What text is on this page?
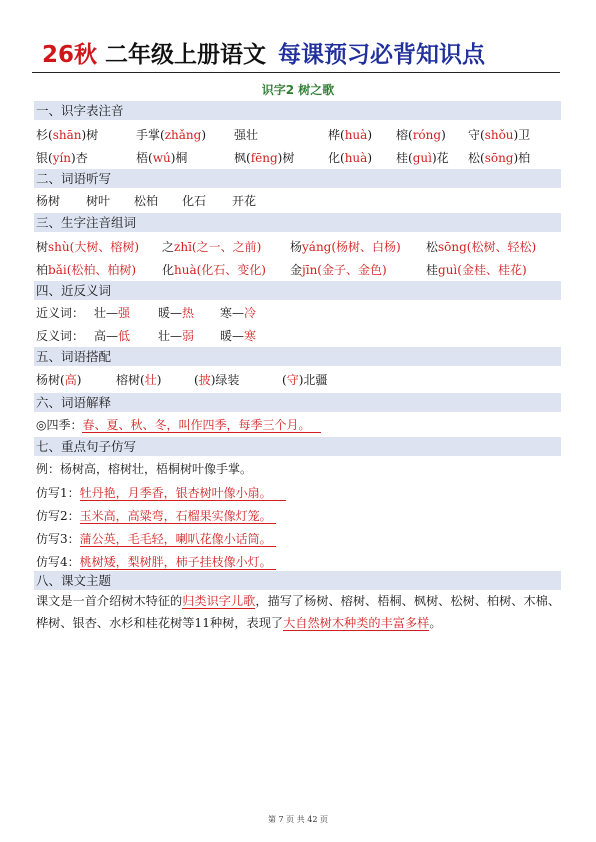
26秋 二年级上册语文 每课预习必背知识点
识字2 树之歌
一、识字表注音
杉(shān)树	手掌(zhǎng) 强壮	桦(huà) 榕(róng) 守(shǒu)卫
银(yín)杏	梧(wú)桐	枫(fēng)树	化(huà) 桂(guì)花 松(sōng)柏
二、词语听写
杨树 树叶 松柏 化石 开花
三、生字注音组词
树shù(大树、榕树) 之zhī(之一、之前) 杨yáng(杨树、白杨) 松sōng(松树、轻松)
柏bǎi(松柏、柏树) 化huà(化石、变化) 金jīn(金子、金色)	桂guì(金桂、桂花)
四、近反义词
近义词： 壮—强 暖—热 寒—冷
反义词： 高—低 壮—弱 暖—寒
五、词语搭配
杨树(高)	榕树(壮)	(披)绿装	(守)北疆
六、词语解释
◎四季：春、夏、秋、冬，叫作四季，每季三个月。
七、重点句子仿写
例：杨树高，榕树壮，梧桐树叶像手掌。
仿写1：牡丹艳，月季香，银杏树叶像小扇。
仿写2：玉米高，高粱弯，石榴果实像灯笼。
仿写3：蒲公英，毛毛轻，喇叭花像小话筒。
仿写4：桃树矮，梨树胖，柿子挂枝像小灯。
八、课文主题
课文是一首介绍树木特征的归类识字儿歌，描写了杨树、榕树、梧桐、枫树、松树、柏树、木棉、桦树、银杏、水杉和桂花树等11种树，表现了大自然树木种类的丰富多样。
第 7 页 共 42 页
